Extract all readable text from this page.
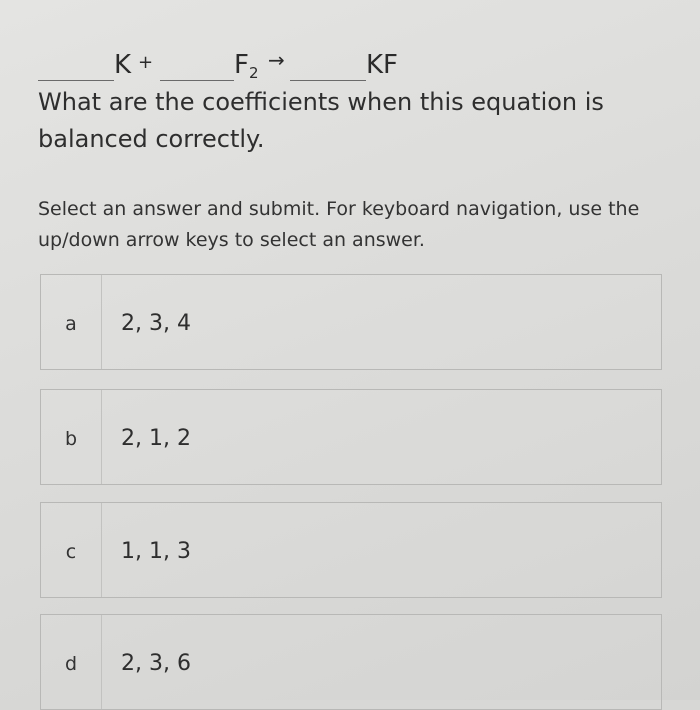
K +	$F_2$
→	KF
What are the coefficients when this equation is balanced correctly.
Select an answer and submit. For keyboard navigation, use the up/down arrow keys to select an answer.
a	2, 3, 4
b	2, 1, 2
c	1, 1, 3
d	2, 3, 6
